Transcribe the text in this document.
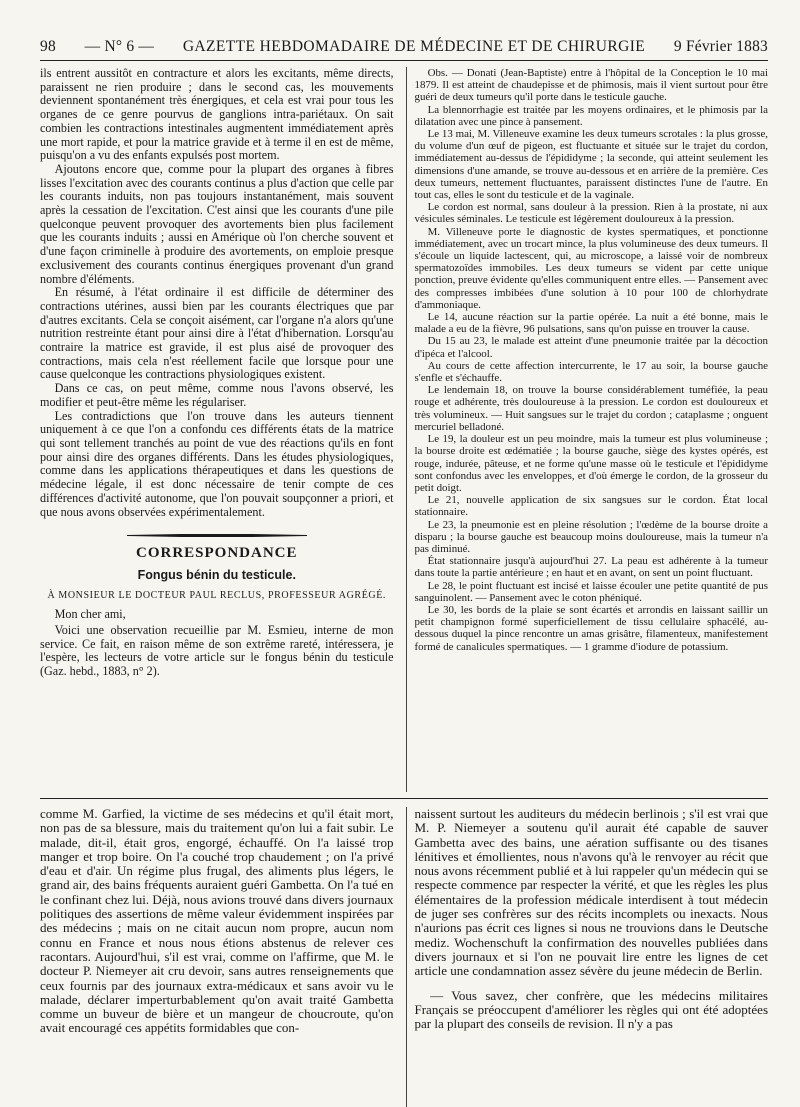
98 — N° 6 — GAZETTE HEBDOMADAIRE DE MÉDECINE ET DE CHIRURGIE 9 Février 1883

ils entrent aussitôt en contracture et alors les excitants, même directs, paraissent ne rien produire ; dans le second cas, les mouvements deviennent spontanément très énergiques, et cela est vrai pour tous les organes de ce genre pourvus de ganglions intra-pariétaux. On sait combien les contractions intestinales augmentent immédiatement après une mort rapide, et pour la matrice gravide et à terme il en est de même, puisqu'on a vu des enfants expulsés post mortem.

Ajoutons encore que, comme pour la plupart des organes à fibres lisses l'excitation avec des courants continus a plus d'action que celle par les courants induits, non pas toujours instantanément, mais souvent après la cessation de l'excitation. C'est ainsi que les courants d'une pile quelconque peuvent provoquer des avortements bien plus facilement que les courants induits ; aussi en Amérique où l'on cherche souvent et d'une façon criminelle à produire des avortements, on emploie presque exclusivement des courants continus énergiques provenant d'un grand nombre d'éléments.

En résumé, à l'état ordinaire il est difficile de déterminer des contractions utérines, aussi bien par les courants électriques que par d'autres excitants. Cela se conçoit aisément, car l'organe n'a alors qu'une nutrition restreinte étant pour ainsi dire à l'état d'hibernation. Lorsqu'au contraire la matrice est gravide, il est plus aisé de provoquer des contractions, mais cela n'est réellement facile que lorsque pour une cause quelconque les contractions physiologiques existent.

Dans ce cas, on peut même, comme nous l'avons observé, les modifier et peut-être même les régulariser.

Les contradictions que l'on trouve dans les auteurs tiennent uniquement à ce que l'on a confondu ces différents états de la matrice qui sont tellement tranchés au point de vue des réactions qu'ils en font pour ainsi dire des organes différents. Dans les études physiologiques, comme dans les applications thérapeutiques et dans les questions de médecine légale, il est donc nécessaire de tenir compte de ces différences d'activité autonome, que l'on pouvait soupçonner a priori, et que nous avons observées expérimentalement.

CORRESPONDANCE
Fongus bénin du testicule.
À MONSIEUR LE DOCTEUR PAUL RECLUS, PROFESSEUR AGRÉGÉ.

Mon cher ami,

Voici une observation recueillie par M. Esmieu, interne de mon service. Ce fait, en raison même de son extrême rareté, intéressera, je l'espère, les lecteurs de votre article sur le fongus bénin du testicule (Gaz. hebd., 1883, n° 2).

Obs. — Donati (Jean-Baptiste) entre à l'hôpital de la Conception le 10 mai 1879. Il est atteint de chaudepisse et de phimosis, mais il vient surtout pour être guéri de deux tumeurs qu'il porte dans le testicule gauche.

La blennorrhagie est traitée par les moyens ordinaires, et le phimosis par la dilatation avec une pince à pansement.

Le 13 mai, M. Villeneuve examine les deux tumeurs scrotales : la plus grosse, du volume d'un œuf de pigeon, est fluctuante et située sur le trajet du cordon, immédiatement au-dessus de l'épididyme ; la seconde, qui atteint seulement les dimensions d'une amande, se trouve au-dessous et en arrière de la première. Ces deux tumeurs, nettement fluctuantes, paraissent distinctes l'une de l'autre. En tout cas, elles le sont du testicule et de la vaginale.

Le cordon est normal, sans douleur à la pression. Rien à la prostate, ni aux vésicules séminales. Le testicule est légèrement douloureux à la pression.

M. Villeneuve porte le diagnostic de kystes spermatiques, et ponctionne immédiatement, avec un trocart mince, la plus volumineuse des deux tumeurs. Il s'écoule un liquide lactescent, qui, au microscope, a laissé voir de nombreux spermatozoïdes immobiles. Les deux tumeurs se vident par cette unique ponction, preuve évidente qu'elles communiquent entre elles. — Pansement avec des compresses imbibées d'une solution à 10 pour 100 de chlorhydrate d'ammoniaque.

Le 14, aucune réaction sur la partie opérée. La nuit a été bonne, mais le malade a eu de la fièvre, 96 pulsations, sans qu'on puisse en trouver la cause.

Du 15 au 23, le malade est atteint d'une pneumonie traitée par la décoction d'ipéca et l'alcool.

Au cours de cette affection intercurrente, le 17 au soir, la bourse gauche s'enfle et s'échauffe.

Le lendemain 18, on trouve la bourse considérablement tuméfiée, la peau rouge et adhérente, très douloureuse à la pression. Le cordon est douloureux et très volumineux. — Huit sangsues sur le trajet du cordon ; cataplasme ; onguent mercuriel belladoné.

Le 19, la douleur est un peu moindre, mais la tumeur est plus volumineuse ; la bourse droite est œdématiée ; la bourse gauche, siège des kystes opérés, est rouge, indurée, pâteuse, et ne forme qu'une masse où le testicule et l'épididyme sont confondus avec les enveloppes, et d'où émerge le cordon, de la grosseur du petit doigt.

Le 21, nouvelle application de six sangsues sur le cordon. État local stationnaire.

Le 23, la pneumonie est en pleine résolution ; l'œdème de la bourse droite a disparu ; la bourse gauche est beaucoup moins douloureuse, mais la tumeur n'a pas diminué.

État stationnaire jusqu'à aujourd'hui 27. La peau est adhérente à la tumeur dans toute la partie antérieure ; en haut et en avant, on sent un point fluctuant.

Le 28, le point fluctuant est incisé et laisse écouler une petite quantité de pus sanguinolent. — Pansement avec le coton phéniqué.

Le 30, les bords de la plaie se sont écartés et arrondis en laissant saillir un petit champignon formé superficiellement de tissu cellulaire sphacélé, au-dessous duquel la pince rencontre un amas grisâtre, filamenteux, manifestement formé de canalicules spermatiques. — 1 gramme d'iodure de potassium.

comme M. Garfied, la victime de ses médecins et qu'il était mort, non pas de sa blessure, mais du traitement qu'on lui a fait subir. Le malade, dit-il, était gros, engorgé, échauffé. On l'a laissé trop manger et trop boire. On l'a couché trop chaudement ; on l'a privé d'eau et d'air. Un régime plus frugal, des aliments plus légers, le grand air, des bains fréquents auraient guéri Gambetta. On l'a tué en le confinant chez lui. Déjà, nous avions trouvé dans divers journaux politiques des assertions de même valeur évidemment inspirées par des médecins ; mais on ne citait aucun nom propre, aucun nom connu en France et nous nous étions abstenus de relever ces racontars. Aujourd'hui, s'il est vrai, comme on l'affirme, que M. le docteur P. Niemeyer ait cru devoir, sans autres renseignements que ceux fournis par des journaux extra-médicaux et sans avoir vu le malade, déclarer imperturbablement qu'on avait traité Gambetta comme un buveur de bière et un mangeur de choucroute, qu'on avait encouragé ces appétits formidables que con-

naissent surtout les auditeurs du médecin berlinois ; s'il est vrai que M. P. Niemeyer a soutenu qu'il aurait été capable de sauver Gambetta avec des bains, une aération suffisante ou des tisanes lénitives et émollientes, nous n'avons qu'à le renvoyer au récit que nous avons récemment publié et à lui rappeler qu'un médecin qui se respecte commence par respecter la vérité, et que les règles les plus élémentaires de la profession médicale interdisent à tout médecin de juger ses confrères sur des récits incomplets ou inexacts. Nous n'aurions pas écrit ces lignes si nous ne trouvions dans le Deutsche mediz. Wochenschuft la confirmation des nouvelles publiées dans divers journaux et si l'on ne pouvait lire entre les lignes de cet article une condamnation assez sévère du jeune médecin de Berlin.

— Vous savez, cher confrère, que les médecins militaires Français se préoccupent d'améliorer les règles qui ont été adoptées par la plupart des conseils de revision. Il n'y a pas
